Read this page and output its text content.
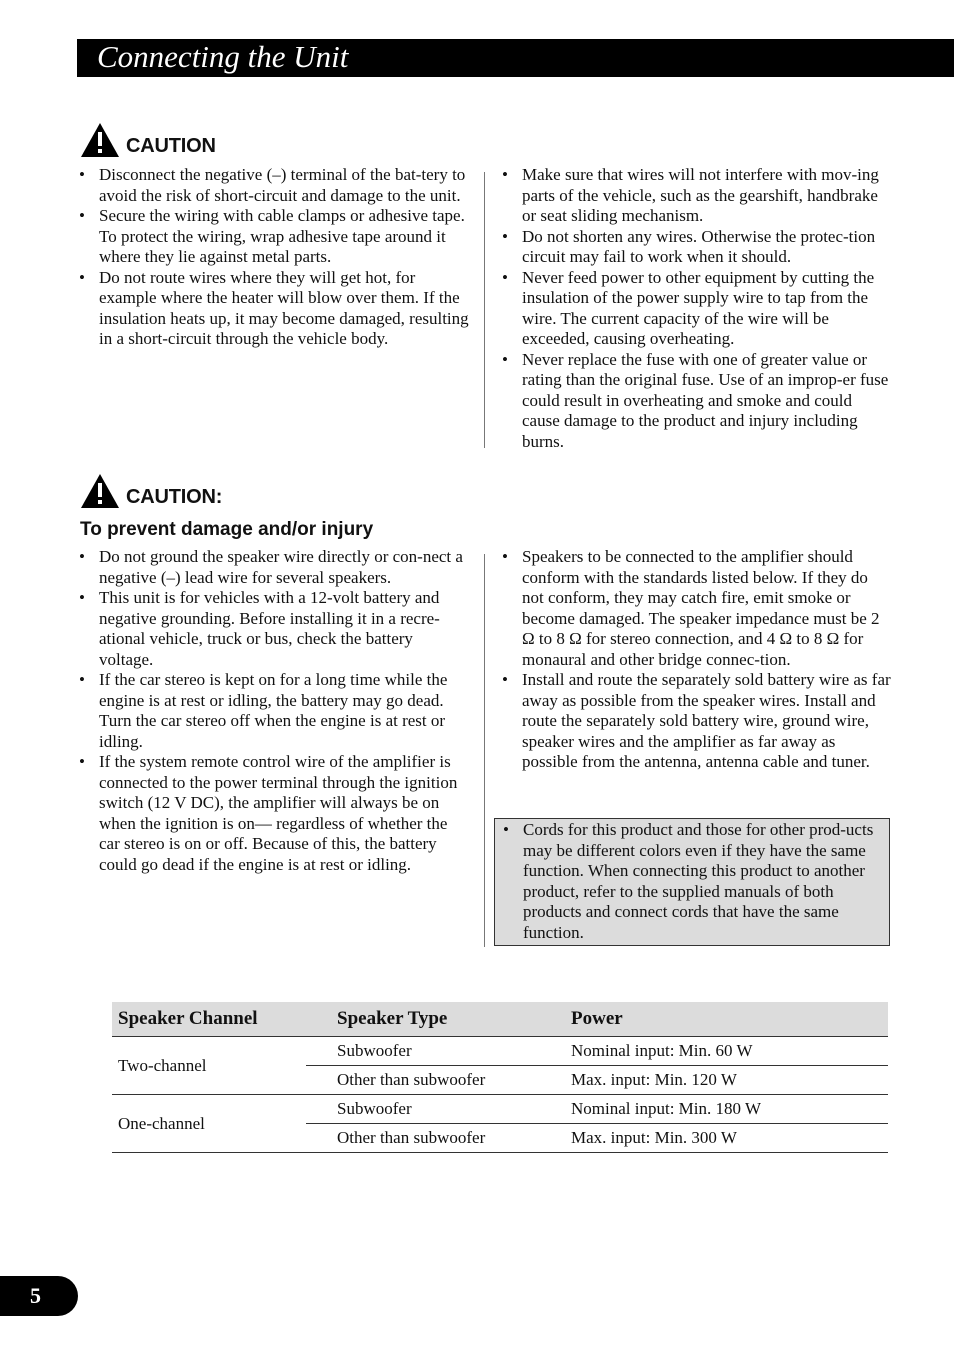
Connecting the Unit
CAUTION
• Disconnect the negative (–) terminal of the bat-tery to avoid the risk of short-circuit and damage to the unit.
• Secure the wiring with cable clamps or adhesive tape. To protect the wiring, wrap adhesive tape around it where they lie against metal parts.
• Do not route wires where they will get hot, for example where the heater will blow over them. If the insulation heats up, it may become damaged, resulting in a short-circuit through the vehicle body.
• Make sure that wires will not interfere with mov-ing parts of the vehicle, such as the gearshift, handbrake or seat sliding mechanism.
• Do not shorten any wires. Otherwise the protec-tion circuit may fail to work when it should.
• Never feed power to other equipment by cutting the insulation of the power supply wire to tap from the wire. The current capacity of the wire will be exceeded, causing overheating.
• Never replace the fuse with one of greater value or rating than the original fuse. Use of an improp-er fuse could result in overheating and smoke and could cause damage to the product and injury including burns.
CAUTION:
To prevent damage and/or injury
• Do not ground the speaker wire directly or con-nect a negative (–) lead wire for several speakers.
• This unit is for vehicles with a 12-volt battery and negative grounding. Before installing it in a recre-ational vehicle, truck or bus, check the battery voltage.
• If the car stereo is kept on for a long time while the engine is at rest or idling, the battery may go dead. Turn the car stereo off when the engine is at rest or idling.
• If the system remote control wire of the amplifier is connected to the power terminal through the ignition switch (12 V DC), the amplifier will always be on when the ignition is on— regardless of whether the car stereo is on or off. Because of this, the battery could go dead if the engine is at rest or idling.
• Speakers to be connected to the amplifier should conform with the standards listed below. If they do not conform, they may catch fire, emit smoke or become damaged. The speaker impedance must be 2 Ω to 8 Ω for stereo connection, and 4 Ω to 8 Ω for monaural and other bridge connec-tion.
• Install and route the separately sold battery wire as far away as possible from the speaker wires. Install and route the separately sold battery wire, ground wire, speaker wires and the amplifier as far away as possible from the antenna, antenna cable and tuner.
• Cords for this product and those for other prod-ucts may be different colors even if they have the same function. When connecting this product to another product, refer to the supplied manuals of both products and connect cords that have the same function.
Speaker Channel	Speaker Type	Power
Two-channel	Subwoofer	Nominal input: Min. 60 W
	Other than subwoofer	Max. input: Min. 120 W
One-channel	Subwoofer	Nominal input: Min. 180 W
	Other than subwoofer	Max. input: Min. 300 W
5
